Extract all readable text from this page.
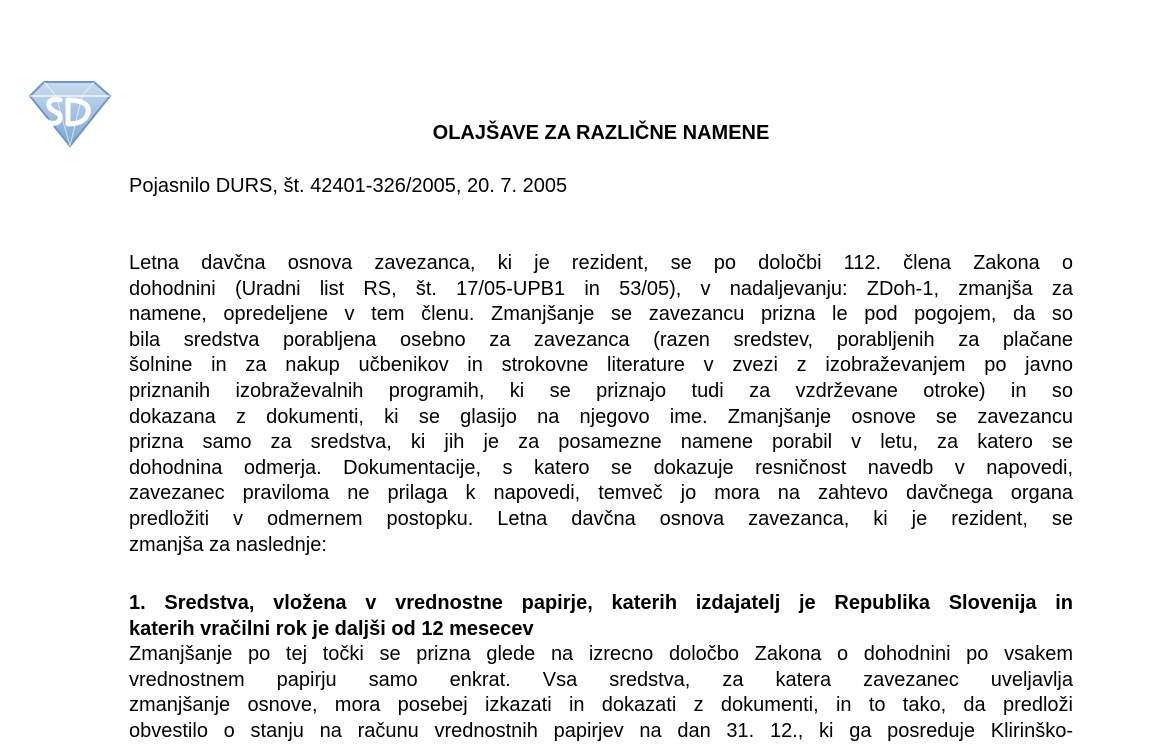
OLAJŠAVE ZA RAZLIČNE NAMENE

Pojasnilo DURS, št. 42401-326/2005, 20. 7. 2005

Letna davčna osnova zavezanca, ki je rezident, se po določbi 112. člena Zakona o
dohodnini (Uradni list RS, št. 17/05-UPB1 in 53/05), v nadaljevanju: ZDoh-1, zmanjša za
namene, opredeljene v tem členu. Zmanjšanje se zavezancu prizna le pod pogojem, da so
bila sredstva porabljena osebno za zavezanca (razen sredstev, porabljenih za plačane
šolnine in za nakup učbenikov in strokovne literature v zvezi z izobraževanjem po javno
priznanih izobraževalnih programih, ki se priznajo tudi za vzdrževane otroke) in so
dokazana z dokumenti, ki se glasijo na njegovo ime. Zmanjšanje osnove se zavezancu
prizna samo za sredstva, ki jih je za posamezne namene porabil v letu, za katero se
dohodnina odmerja. Dokumentacije, s katero se dokazuje resničnost navedb v napovedi,
zavezanec praviloma ne prilaga k napovedi, temveč jo mora na zahtevo davčnega organa
predložiti v odmernem postopku. Letna davčna osnova zavezanca, ki je rezident, se
zmanjša za naslednje:
1. Sredstva, vložena v vrednostne papirje, katerih izdajatelj je Republika Slovenija in
katerih vračilni rok je daljši od 12 mesecev
Zmanjšanje po tej točki se prizna glede na izrecno določbo Zakona o dohodnini po vsakem
vrednostnem papirju samo enkrat. Vsa sredstva, za katera zavezanec uveljavlja
zmanjšanje osnove, mora posebej izkazati in dokazati z dokumenti, in to tako, da predloži
obvestilo o stanju na računu vrednostnih papirjev na dan 31. 12., ki ga posreduje Klirinško-
